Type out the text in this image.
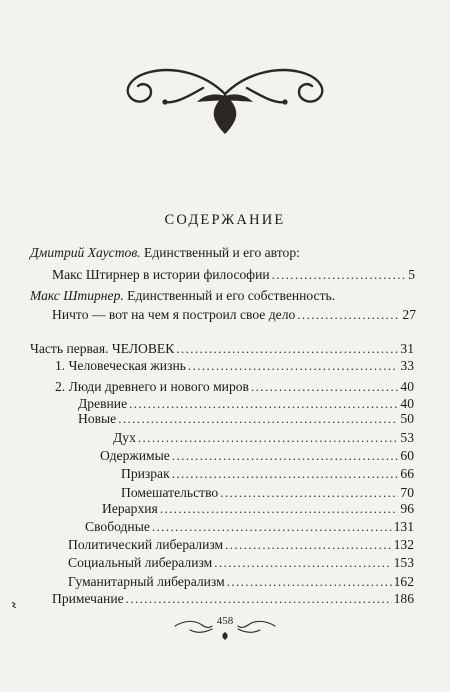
СОДЕРЖАНИЕ
Дмитрий Хаустов. Единственный и его автор:
Макс Штирнер в истории философии .....	5
Макс Штирнер. Единственный и его собственность.
Ничто — вот на чем я построил свое дело .....	27
Часть первая. ЧЕЛОВЕК .....	31
1. Человеческая жизнь .....	33
2. Люди древнего и нового миров .....	40
Древние .....	40
Новые .....	50
Дух .....	53
Одержимые .....	60
Призрак .....	66
Помешательство .....	70
Иерархия .....	96
Свободные .....	131
Политический либерализм .....	132
Социальный либерализм .....	153
Гуманитарный либерализм .....	162
Примечание .....	186
458
